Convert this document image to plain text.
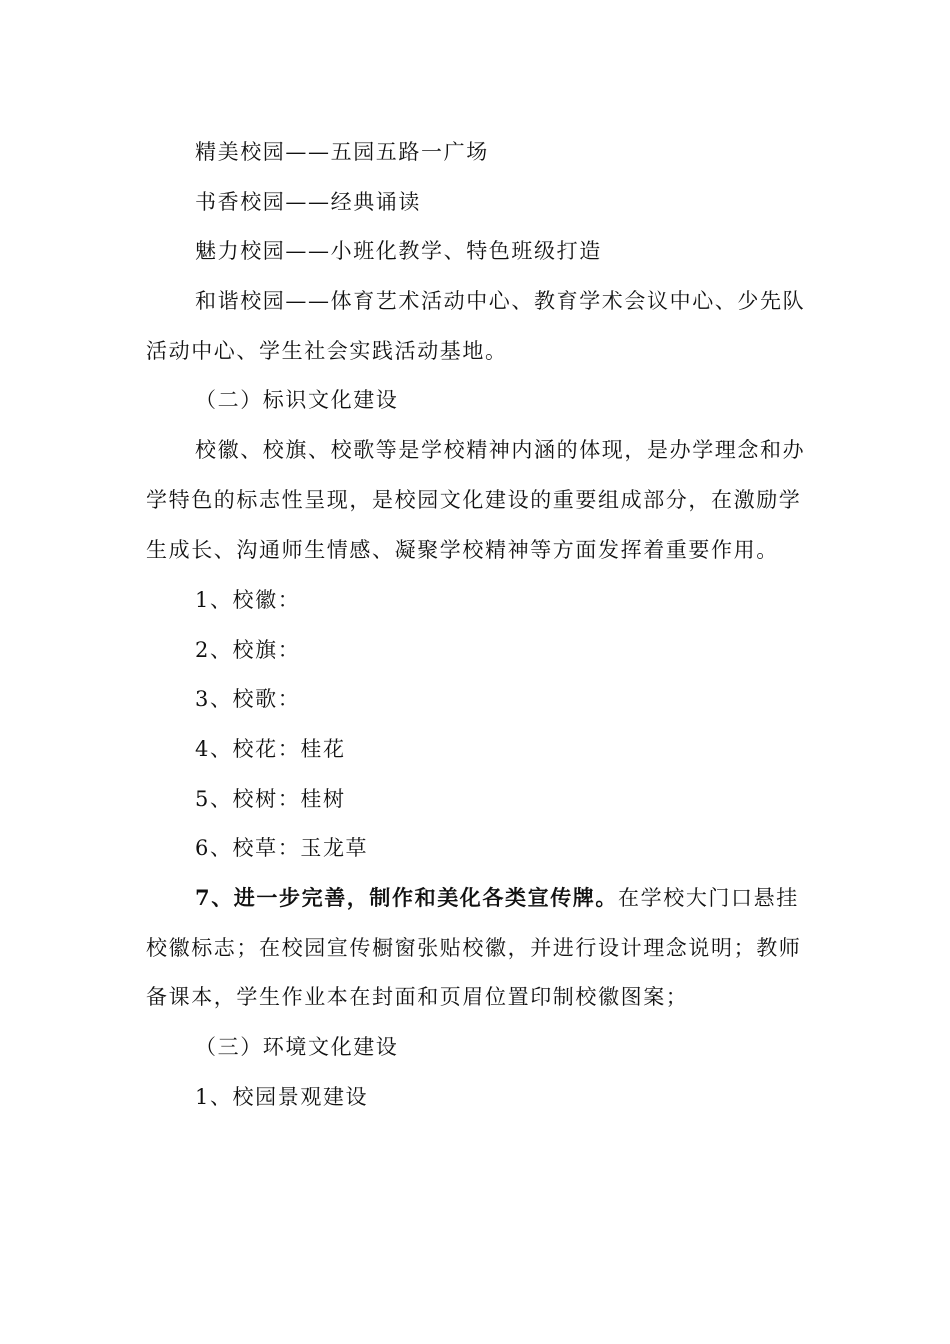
精美校园——五园五路一广场
书香校园——经典诵读
魅力校园——小班化教学、特色班级打造
和谐校园——体育艺术活动中心、教育学术会议中心、少先队
活动中心、学生社会实践活动基地。
（二）标识文化建设
校徽、校旗、校歌等是学校精神内涵的体现，是办学理念和办
学特色的标志性呈现，是校园文化建设的重要组成部分，在激励学
生成长、沟通师生情感、凝聚学校精神等方面发挥着重要作用。
1、校徽：
2、校旗：
3、校歌：
4、校花：桂花
5、校树：桂树
6、校草：玉龙草
7、进一步完善，制作和美化各类宣传牌。在学校大门口悬挂
校徽标志；在校园宣传橱窗张贴校徽，并进行设计理念说明；教师
备课本，学生作业本在封面和页眉位置印制校徽图案；
（三）环境文化建设
1、校园景观建设
